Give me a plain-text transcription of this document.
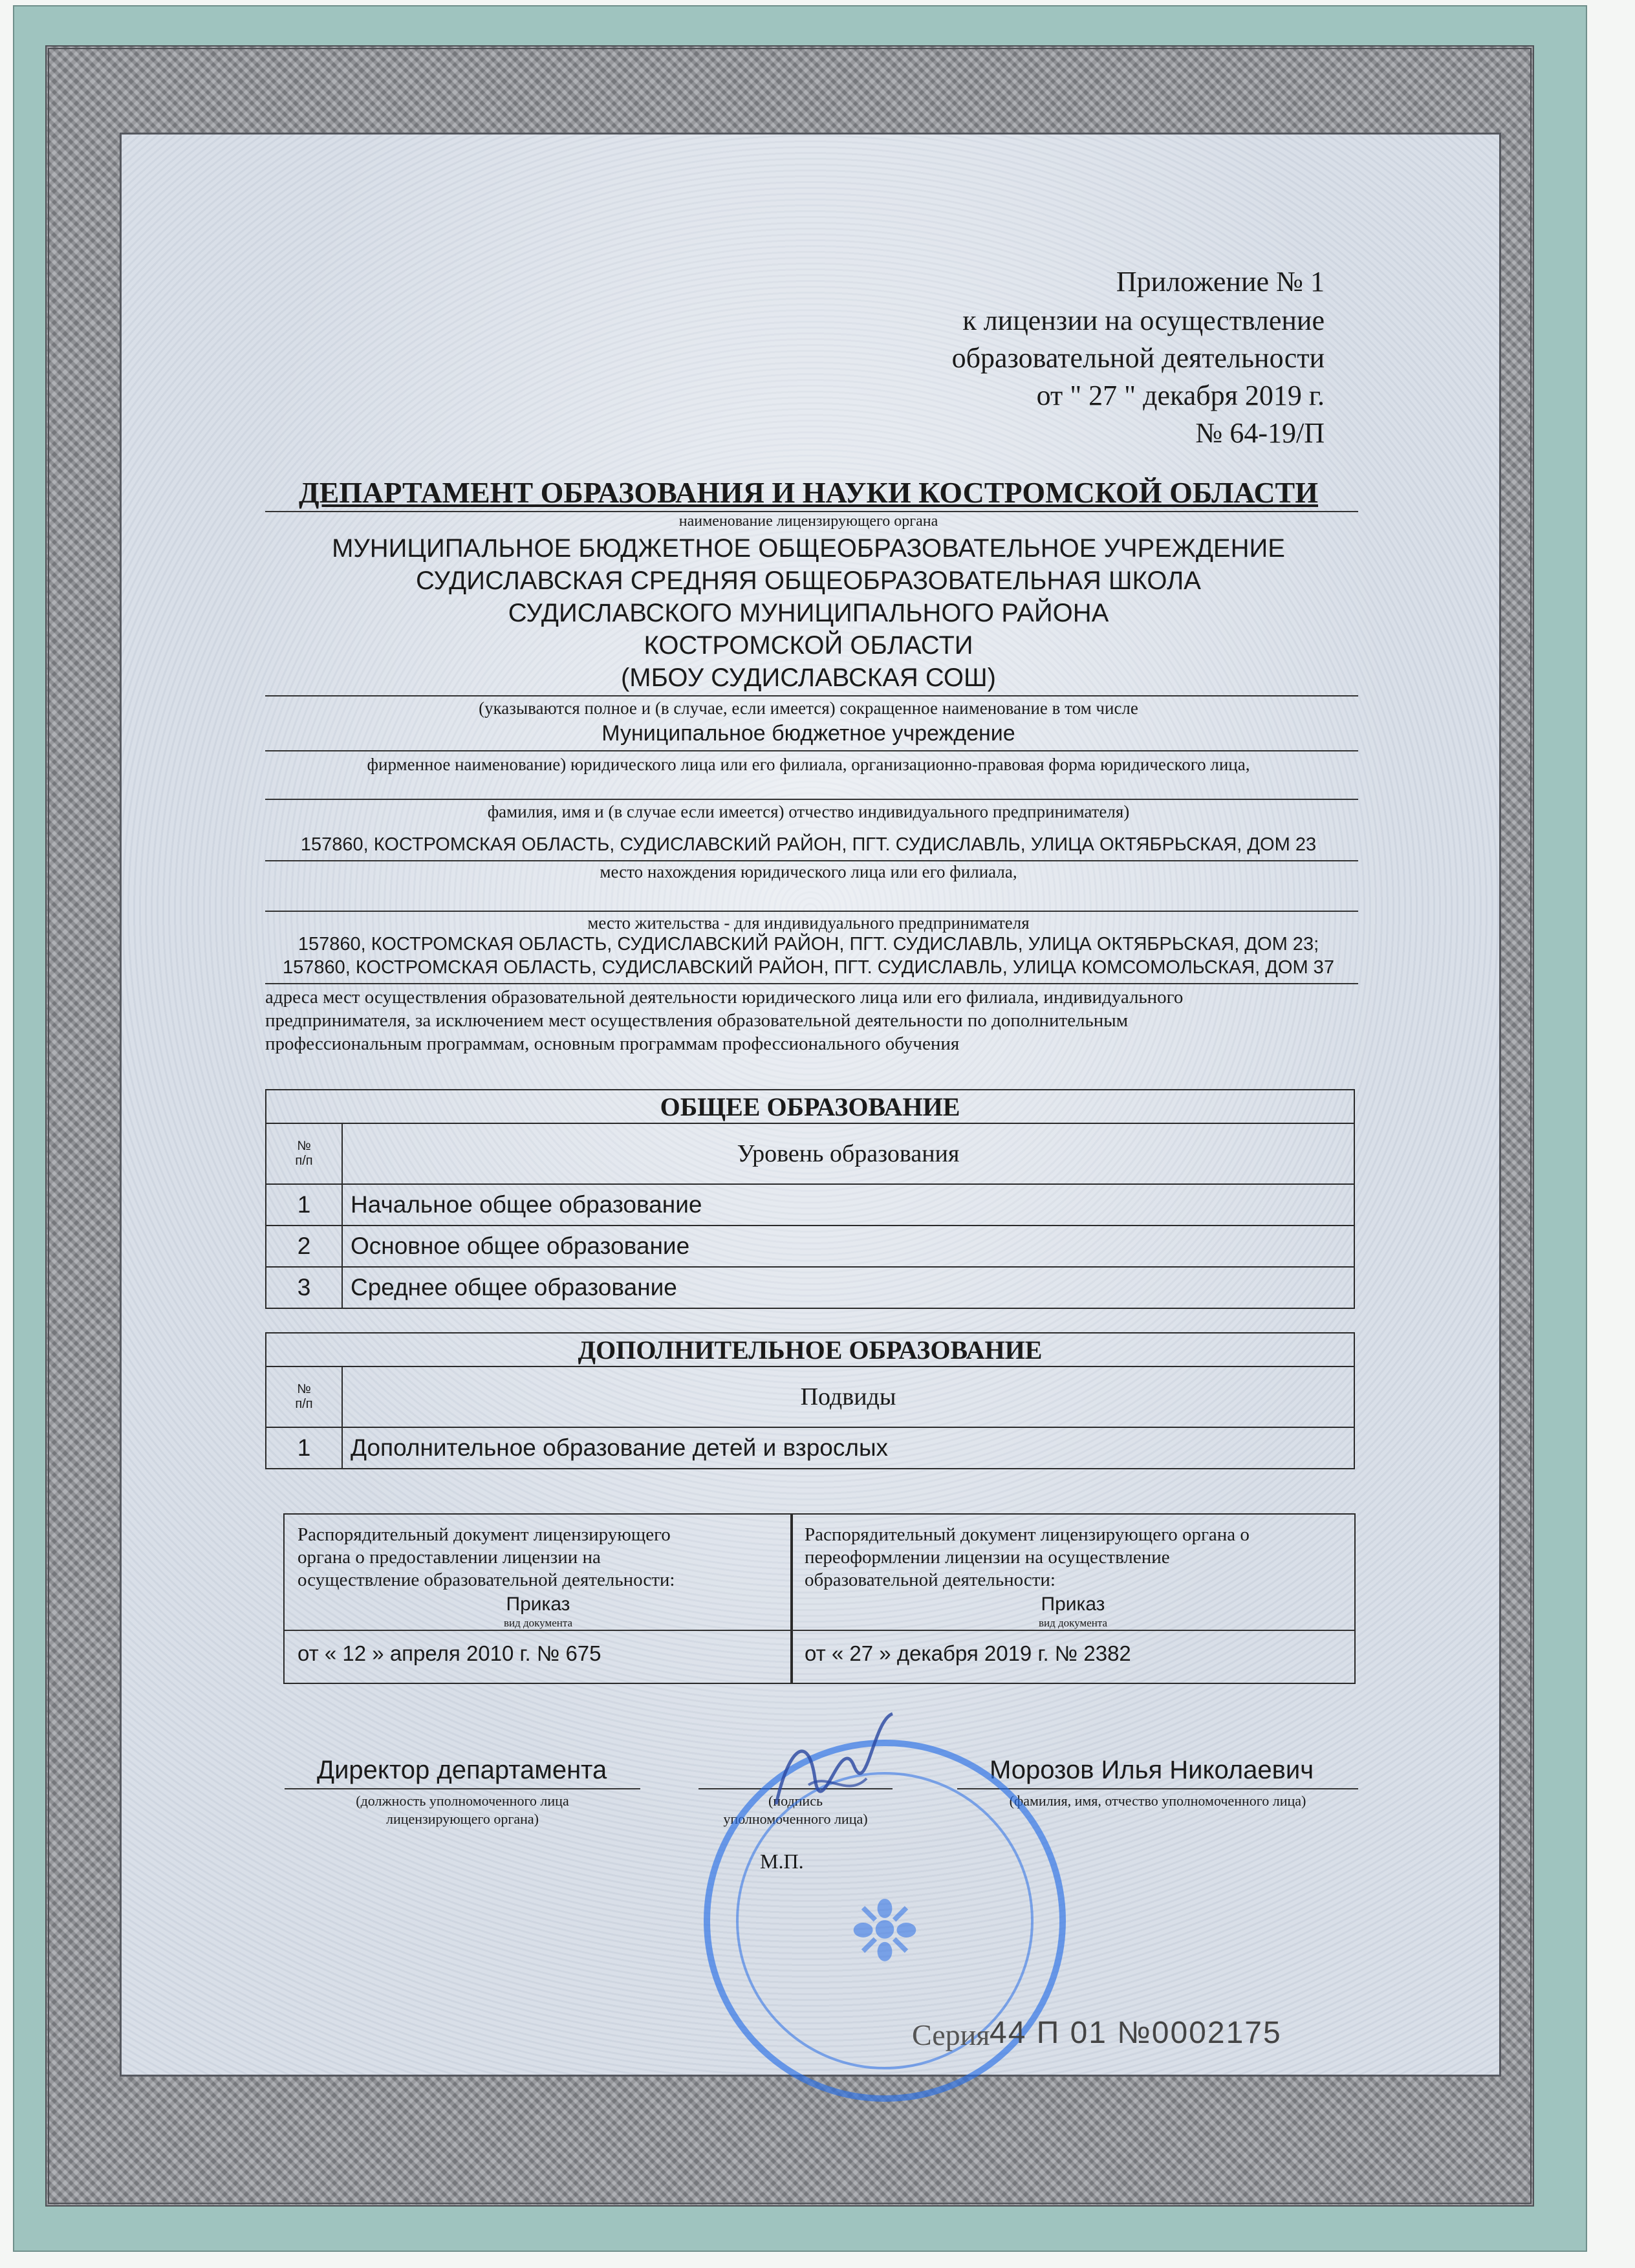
Приложение № 1
к лицензии на осуществление
образовательной деятельности
от " 27 " декабря 2019 г.
№ 64-19/П
ДЕПАРТАМЕНТ ОБРАЗОВАНИЯ И НАУКИ КОСТРОМСКОЙ ОБЛАСТИ
наименование лицензирующего органа
МУНИЦИПАЛЬНОЕ БЮДЖЕТНОЕ ОБЩЕОБРАЗОВАТЕЛЬНОЕ УЧРЕЖДЕНИЕ
СУДИСЛАВСКАЯ СРЕДНЯЯ ОБЩЕОБРАЗОВАТЕЛЬНАЯ ШКОЛА
СУДИСЛАВСКОГО МУНИЦИПАЛЬНОГО РАЙОНА
КОСТРОМСКОЙ ОБЛАСТИ
(МБОУ СУДИСЛАВСКАЯ СОШ)
(указываются полное и (в случае, если имеется) сокращенное наименование в том числе
Муниципальное бюджетное учреждение
фирменное наименование) юридического лица или его филиала, организационно-правовая форма юридического лица,
фамилия, имя и (в случае если имеется) отчество индивидуального предпринимателя)
157860, КОСТРОМСКАЯ ОБЛАСТЬ, СУДИСЛАВСКИЙ РАЙОН, ПГТ. СУДИСЛАВЛЬ, УЛИЦА ОКТЯБРЬСКАЯ, ДОМ 23
место нахождения юридического лица или его филиала,
место жительства - для индивидуального предпринимателя
157860, КОСТРОМСКАЯ ОБЛАСТЬ, СУДИСЛАВСКИЙ РАЙОН, ПГТ. СУДИСЛАВЛЬ, УЛИЦА ОКТЯБРЬСКАЯ, ДОМ 23;
157860, КОСТРОМСКАЯ ОБЛАСТЬ, СУДИСЛАВСКИЙ РАЙОН, ПГТ. СУДИСЛАВЛЬ, УЛИЦА КОМСОМОЛЬСКАЯ, ДОМ 37
адреса мест осуществления образовательной деятельности юридического лица или его филиала, индивидуального
предпринимателя, за исключением мест осуществления образовательной деятельности по дополнительным
профессиональным программам, основным программам профессионального обучения
ОБЩЕЕ ОБРАЗОВАНИЕ	
№
п/п	Уровень образования
1	Начальное общее образование
2	Основное общее образование
3	Среднее общее образование
ДОПОЛНИТЕЛЬНОЕ ОБРАЗОВАНИЕ	
№
п/п	Подвиды
1	Дополнительное образование детей и взрослых
Распорядительный документ лицензирующего
органа о предоставлении лицензии на
осуществление образовательной деятельности:
Приказ
вид документа
от « 12 » апреля 2010 г. № 675
Распорядительный документ лицензирующего органа о
переоформлении лицензии на осуществление
образовательной деятельности:
Приказ
вид документа
от « 27 » декабря 2019 г. № 2382
Директор департамента
(должность уполномоченного лица
лицензирующего органа)
(подпись
уполномоченного лица)
Морозов Илья Николаевич
(фамилия, имя, отчество уполномоченного лица)
М.П.
❉
Серия 44 П 01 №0002175
